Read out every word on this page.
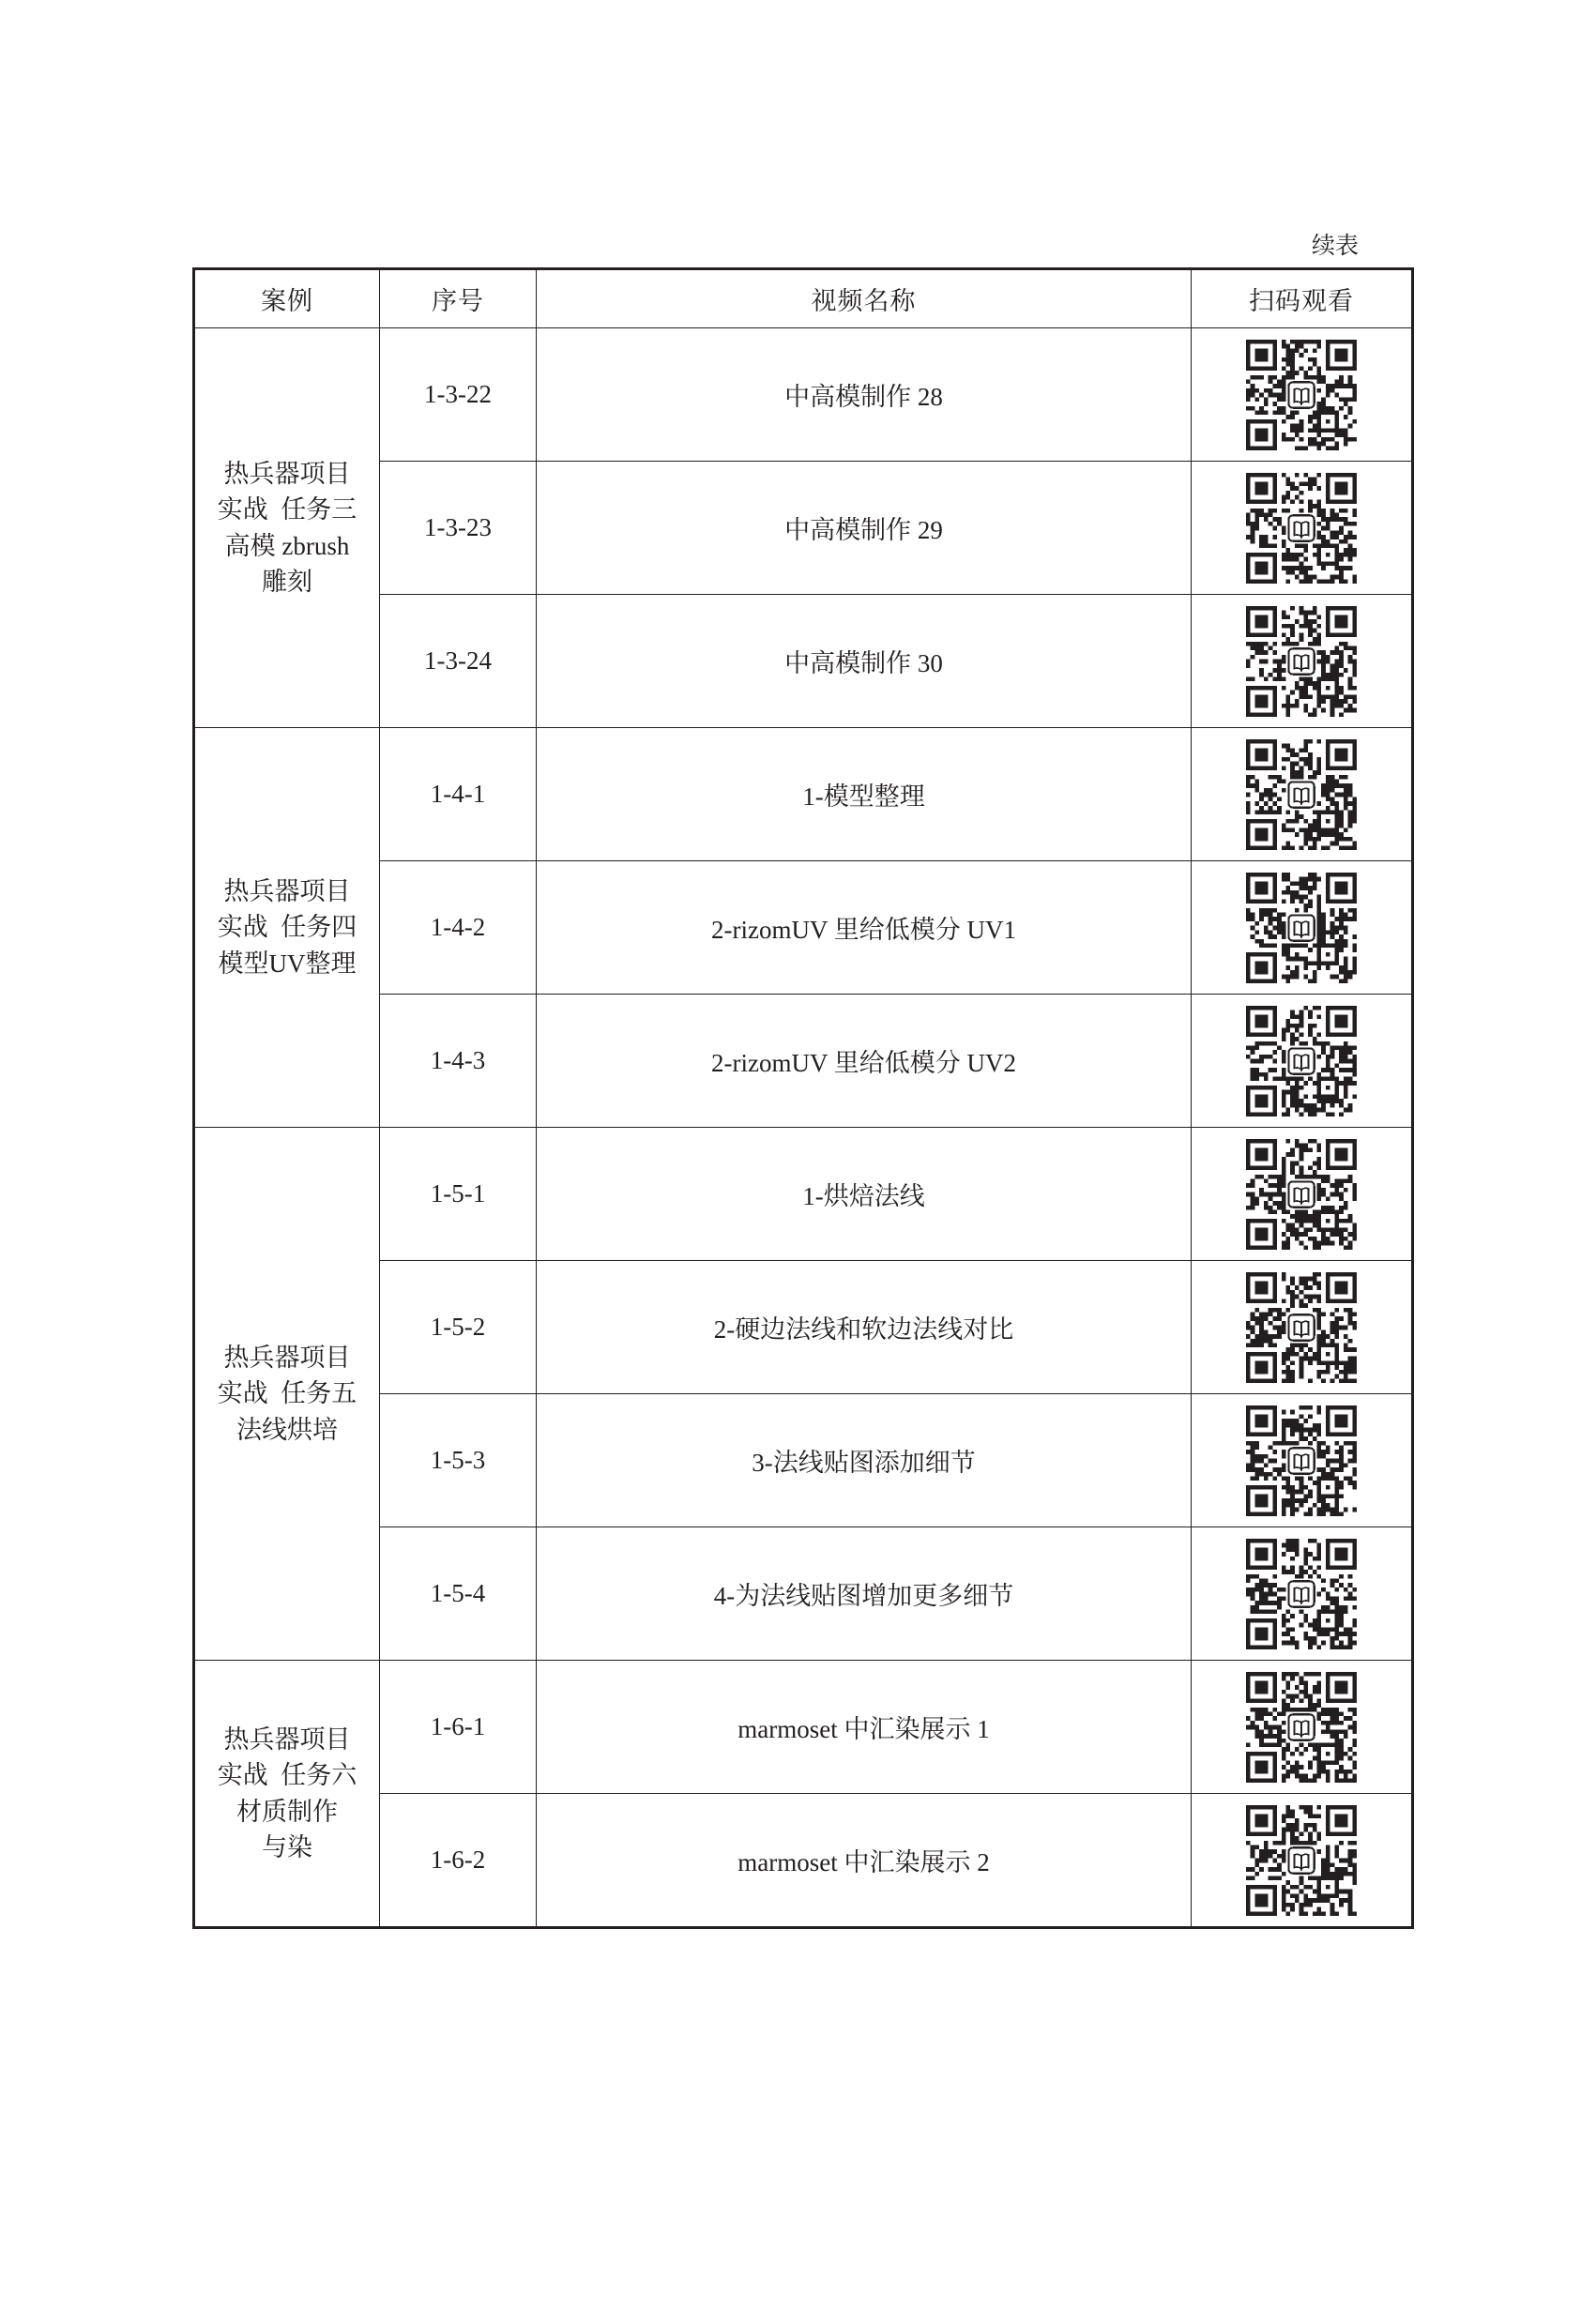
续表
案例	序号	视频名称	扫码观看

热兵器项目
实战  任务三
高模 zbrush
雕刻	1-3-22	中高模制作 28	

	1-3-23	中高模制作 29	

	1-3-24	中高模制作 30	

热兵器项目
实战  任务四
模型UV整理	1-4-1	1-模型整理	

	1-4-2	2-rizomUV 里给低模分 UV1	

	1-4-3	2-rizomUV 里给低模分 UV2	

热兵器项目
实战  任务五
法线烘培	1-5-1	1-烘焙法线	

	1-5-2	2-硬边法线和软边法线对比	

	1-5-3	3-法线贴图添加细节	

	1-5-4	4-为法线贴图增加更多细节	

热兵器项目
实战  任务六
材质制作
与染	1-6-1	marmoset 中汇染展示 1	

	1-6-2	marmoset 中汇染展示 2	
